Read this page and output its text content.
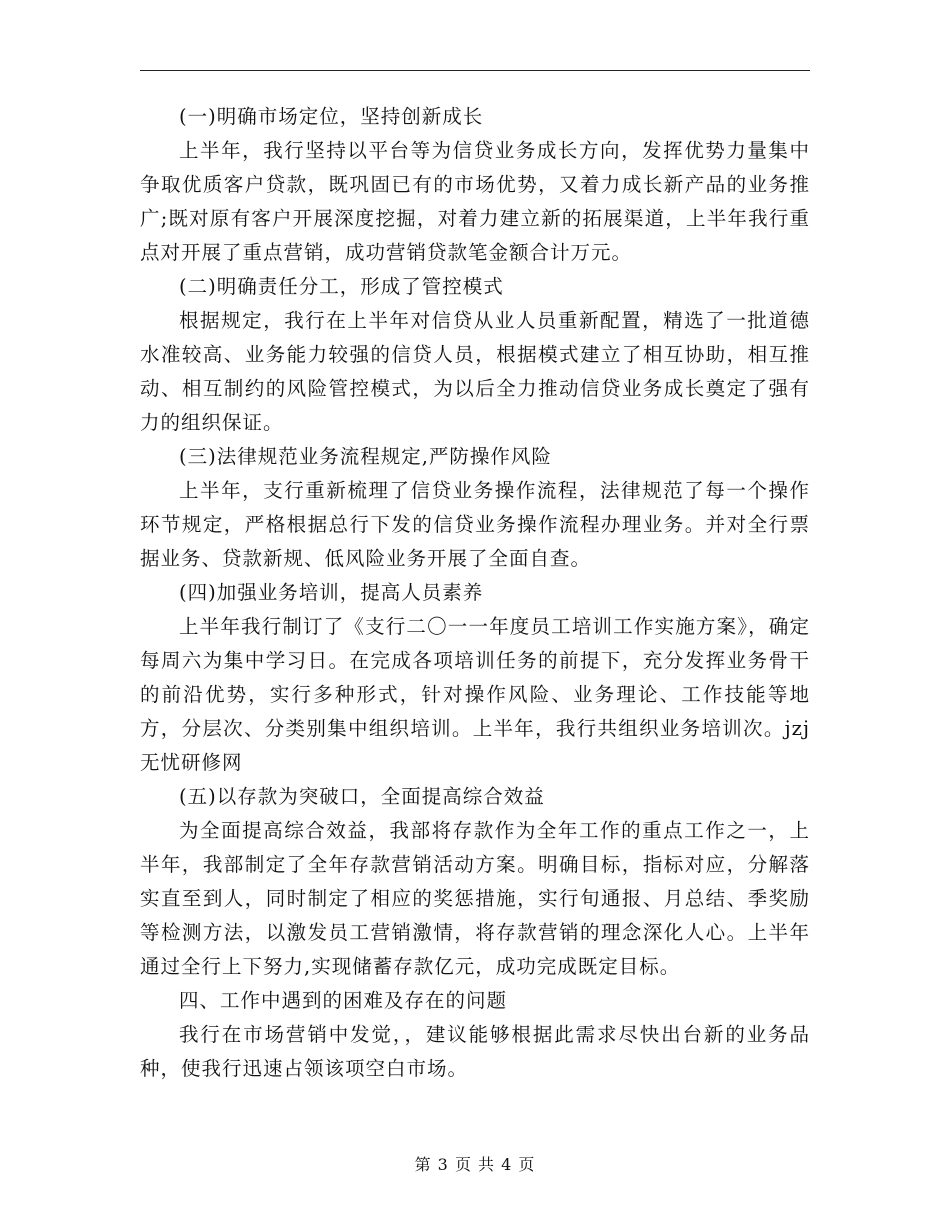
(一)明确市场定位，坚持创新成长

上半年，我行坚持以平台等为信贷业务成长方向，发挥优势力量集中争取优质客户贷款，既巩固已有的市场优势，又着力成长新产品的业务推广;既对原有客户开展深度挖掘，对着力建立新的拓展渠道，上半年我行重点对开展了重点营销，成功营销贷款笔金额合计万元。

(二)明确责任分工，形成了管控模式

根据规定，我行在上半年对信贷从业人员重新配置，精选了一批道德水准较高、业务能力较强的信贷人员，根据模式建立了相互协助，相互推动、相互制约的风险管控模式，为以后全力推动信贷业务成长奠定了强有力的组织保证。

(三)法律规范业务流程规定,严防操作风险

上半年，支行重新梳理了信贷业务操作流程，法律规范了每一个操作环节规定，严格根据总行下发的信贷业务操作流程办理业务。并对全行票据业务、贷款新规、低风险业务开展了全面自查。

(四)加强业务培训，提高人员素养

上半年我行制订了《支行二〇一一年度员工培训工作实施方案》，确定每周六为集中学习日。在完成各项培训任务的前提下，充分发挥业务骨干的前沿优势，实行多种形式，针对操作风险、业务理论、工作技能等地方，分层次、分类别集中组织培训。上半年，我行共组织业务培训次。jzj无忧研修网

(五)以存款为突破口，全面提高综合效益

为全面提高综合效益，我部将存款作为全年工作的重点工作之一，上半年，我部制定了全年存款营销活动方案。明确目标，指标对应，分解落实直至到人，同时制定了相应的奖惩措施，实行旬通报、月总结、季奖励等检测方法，以激发员工营销激情，将存款营销的理念深化人心。上半年通过全行上下努力,实现储蓄存款亿元，成功完成既定目标。

四、工作中遇到的困难及存在的问题

我行在市场营销中发觉，，建议能够根据此需求尽快出台新的业务品种，使我行迅速占领该项空白市场。

第 3 页 共 4 页
